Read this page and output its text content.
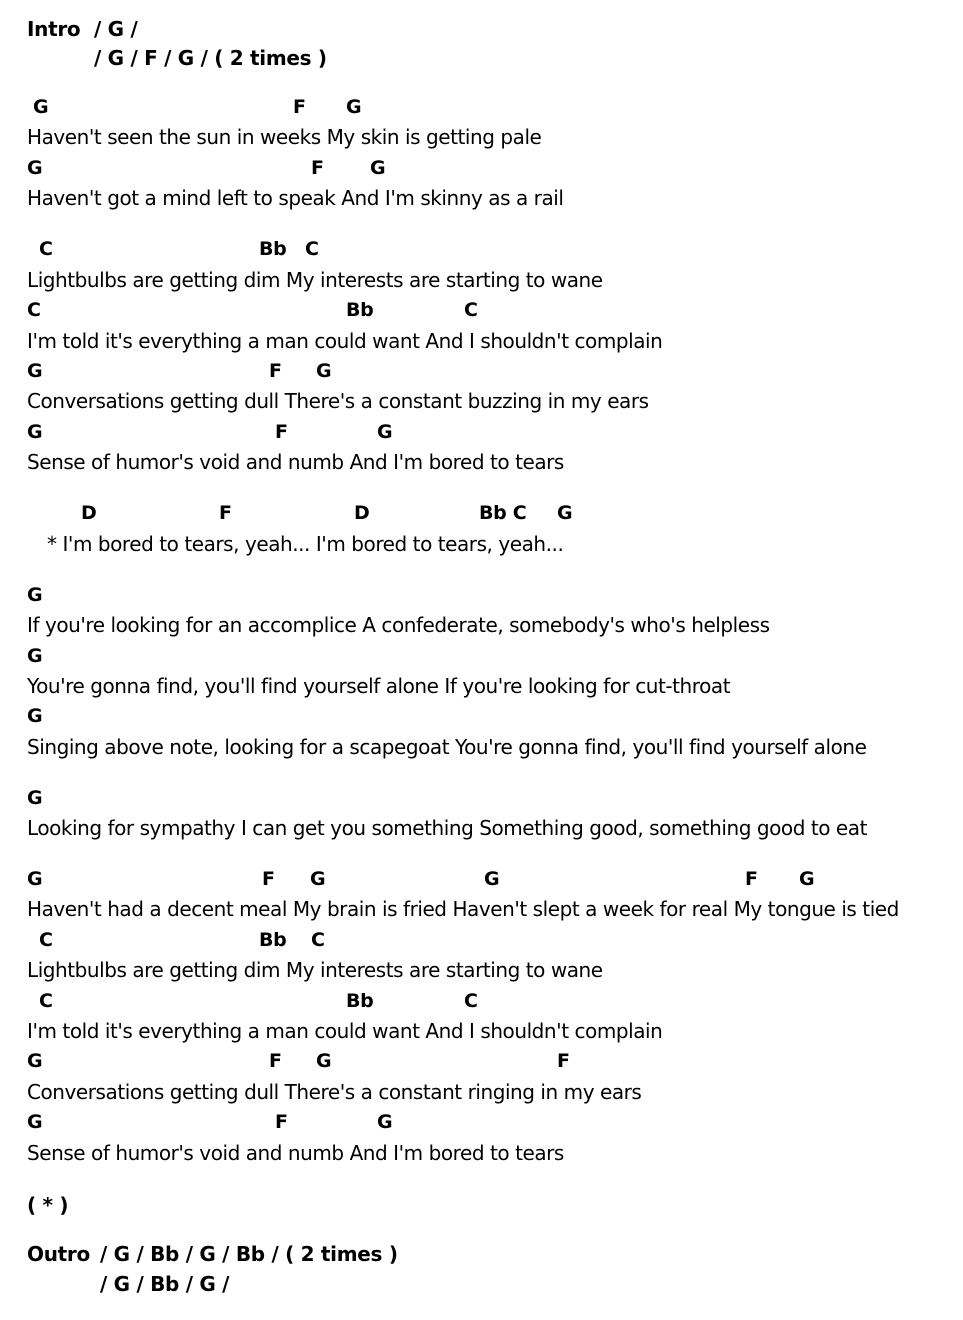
Intro / G /
/ G / F / G / ( 2 times )
G	F G
Haven't seen the sun in weeks My skin is getting pale
G	F G
Haven't got a mind left to speak And I'm skinny as a rail
C	Bb C
Lightbulbs are getting dim My interests are starting to wane
C	Bb	C
I'm told it's everything a man could want And I shouldn't complain
G	F G
Conversations getting dull There's a constant buzzing in my ears
G	F	G
Sense of humor's void and numb And I'm bored to tears
D	F	D	Bb C G
* I'm bored to tears, yeah... I'm bored to tears, yeah...
G
If you're looking for an accomplice A confederate, somebody's who's helpless
G
You're gonna find, you'll find yourself alone If you're looking for cut-throat
G
Singing above note, looking for a scapegoat You're gonna find, you'll find yourself alone
G
Looking for sympathy I can get you something Something good, something good to eat
G	F G	G	F G
Haven't had a decent meal My brain is fried Haven't slept a week for real My tongue is tied
C	Bb C
Lightbulbs are getting dim My interests are starting to wane
C	Bb	C
I'm told it's everything a man could want And I shouldn't complain
G	F G	F
Conversations getting dull There's a constant ringing in my ears
G	F	G
Sense of humor's void and numb And I'm bored to tears
( * )
Outro / G / Bb / G / Bb / ( 2 times )
/ G / Bb / G /
